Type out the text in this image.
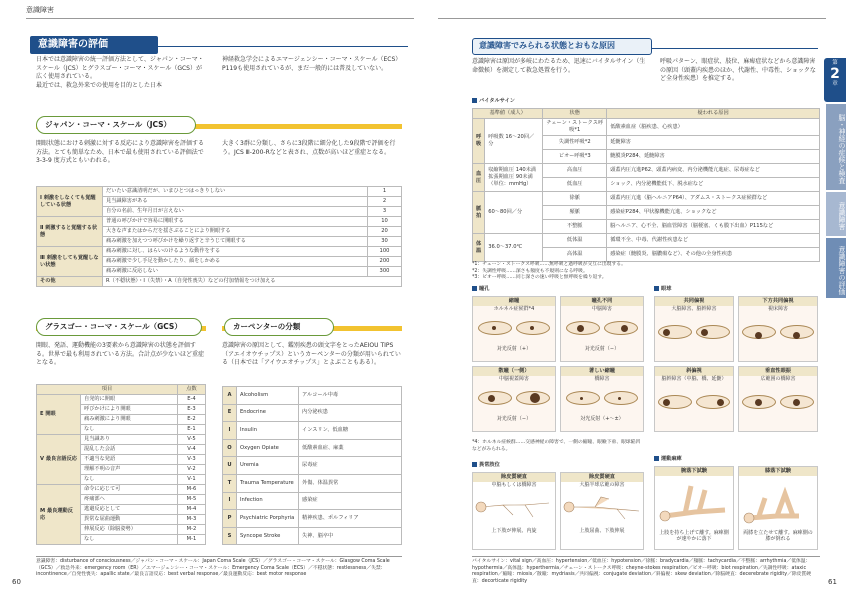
意識障害
意識障害の評価
日本では意識障害の統一評価方法として、ジャパン・コーマ・スケール（JCS）とグラスゴー・コーマ・スケール（GCS）が広く使用されている。
最近では、救急外来での使用を目的とした日本
神経救急学会によるエマージェンシー・コーマ・スケール（ECS）P119も使用されているが、まだ一般的には普及していない。
ジャパン・コーマ・スケール（JCS）
開眼状態における刺激に対する反応により意識障害を評価する方法。とても簡単なため、日本で最も使用されている評価法で 3-3-9 度方式ともいわれる。
大きく3群に分類し、さらに3段階に細分化した9段階で評価を行う。JCS Ⅲ-200-Rなどと表され、点数が高いほど重症となる。
Ⅰ 刺激をしなくても覚醒している状態	だいたい意識清明だが、いまひとつはっきりしない	1
	見当識障害がある	2
	自分の名前、生年月日が言えない	3
Ⅱ 刺激すると覚醒する状態	普通の呼びかけで容易に開眼する	10
	大きな声またはからだを揺さぶることにより開眼する	20
	痛み刺激を加えつつ呼びかけを繰り返すと辛うじて開眼する	30
Ⅲ 刺激をしても覚醒しない状態	痛み刺激に対し、はらいのけるような動作をする	100
	痛み刺激で少し手足を動かしたり、顔をしかめる	200
	痛み刺激に反応しない	300
その他	R（不穏状態）・I（失禁）・A（自発性喪失）などの付加情報をつけ加える	
グラスゴー・コーマ・スケール（GCS）
開眼、発語、運動機能の3要素から意識障害の状態を評価する。世界で最も利用されている方法。合計点が少ないほど重症となる。
項目		点数
E 開眼	自発的に開眼	E-4
	呼びかけにより開眼	E-3
	痛み刺激により開眼	E-2
	なし	E-1
V 最良言語反応	見当識あり	V-5
	混乱した会話	V-4
	不適当な発語	V-3
	理解不明の音声	V-2
	なし	V-1
M 最良運動反応	命令に応じて可	M-6
	疼痛部へ	M-5
	逃避反応として	M-4
	異常な屈曲運動	M-3
	伸展反応（除脳姿勢）	M-2
	なし	M-1
カーペンターの分類
意識障害の原因として、鑑別疾患の頭文字をとったAEIOU TIPS（アエイオウチップス）というカーペンターの分類が用いられている（日本では「アイウエオチップス」とよぶこともある）。
A	Alcoholism	アルコール中毒
E	Endocrine	内分泌疾患
I	Insulin	インスリン、低血糖
O	Oxygen Opiate	低酸素血症、麻薬
U	Uremia	尿毒症
T	Trauma Temperature	外傷、体温異常
I	Infection	感染症
P	Psychiatric Porphyria	精神疾患、ポルフィリア
S	Syncope Stroke	失神、脳卒中
意識障害：disturbance of consciousness／ジャパン・コーマ・スケール：Japan Coma Scale（JCS）／グラスゴー・コーマ・スケール：Glasgow Coma Scale（GCS）／救急外来：emergency room（ER）／エマージェンシー・コーマ・スケール：Emergency Coma Scale（ECS）／不穏状態：restlessness／失禁：incontinence／自発性喪失：apallic state／最良言語反応：best verbal response／最良運動反応：best motor response
60
意識障害でみられる状態とおもな原因
意識障害は原因が多岐にわたるため、迅速にバイタルサイン（生命徴候）を測定して救急処置を行う。
呼吸パターン、眼症状、肢位、麻痺症状などから意識障害の原因（頭蓋内疾患のほか、代謝性、中毒性、ショックなど全身性疾患）を推定する。
バイタルサイン
基準値（成人）		状態	疑われる原因
呼吸	呼吸数 16〜20回／分	チェーン・ストークス呼吸*1	低酸素血症（脳疾患、心疾患）
		失調性呼吸*2	延髄障害
		ビオー呼吸*3	髄膜炎P284、延髄障害
血圧	収縮期血圧 140未満 拡張期血圧 90未満（単位：mmHg）	高血圧	頭蓋内圧亢進P62、頭蓋内病変、内分泌機能亢進症、尿毒症など
		低血圧	ショック、内分泌機能低下、脱水症など
脈拍	60〜80回／分	徐脈	頭蓋内圧亢進（脳ヘルニアP64）、アダムス・ストークス症候群など
		頻脈	感染症P284、甲状腺機能亢進、ショックなど
		不整脈	脳ヘルニア、心不全、脳血管障害（脳梗塞、くも膜下出血）P115など
体温	36.0〜37.0℃	低体温	循環不全、中毒、代謝性疾患など
		高体温	感染症（髄膜炎、脳膿瘍など）、その他の全身性疾患
*1：チェーン・ストークス呼吸……無呼吸と過呼吸が交互に出現する。
*2：失調性呼吸……深さも頻度も不規則になる呼吸。
*3：ビオー呼吸……同じ深さの速い呼吸と無呼吸を繰り返す。
瞳孔
縮瞳
ホルネル症候群*4
対光反射（+）
瞳孔不同
中脳障害
対光反射（−）
散瞳（一側）
中脳視蓋障害
対光反射（−）
著しい縮瞳
橋障害
対光反射（+〜±）
*4：ホルネル症候群……交感神経の障害で、一側の縮瞳、眼瞼下垂、眼球陥凹などがみられる。
眼球
共同偏視
大脳障害、脳幹障害
下方共同偏視
視床障害
斜偏視
脳幹障害（中脳、橋、延髄）
垂直性眼振
広範囲の橋障害
異常肢位
除皮質硬直
中脳もしくは橋障害
上下肢が伸展、内旋
除皮質硬直
大脳半球広範の障害
上肢屈曲、下肢伸展
運動麻痺
腕落下試験
上肢を持ち上げて離す。麻痺側が速やかに落下
膝落下試験
両膝を立たせて離す。麻痺側の膝が倒れる
バイタルサイン：vital sign／高血圧：hypertension／低血圧：hypotension／徐脈：bradycardia／頻脈：tachycardia／不整脈：arrhythmia／低体温：hypothermia／高体温：hyperthermia／チェーン・ストークス呼吸：cheyne-stokes respiration／ビオー呼吸：biot respiration／失調性呼吸：ataxic respiration／縮瞳：miosis／散瞳：mydriasis／共同偏視：conjugate deviation／斜偏視：skew deviation／除脳硬直：decerebrate rigidity／除皮質硬直：decorticate rigidity	61
第
2
章
脳・神経の症候と検査
意識障害
意識障害の評価
